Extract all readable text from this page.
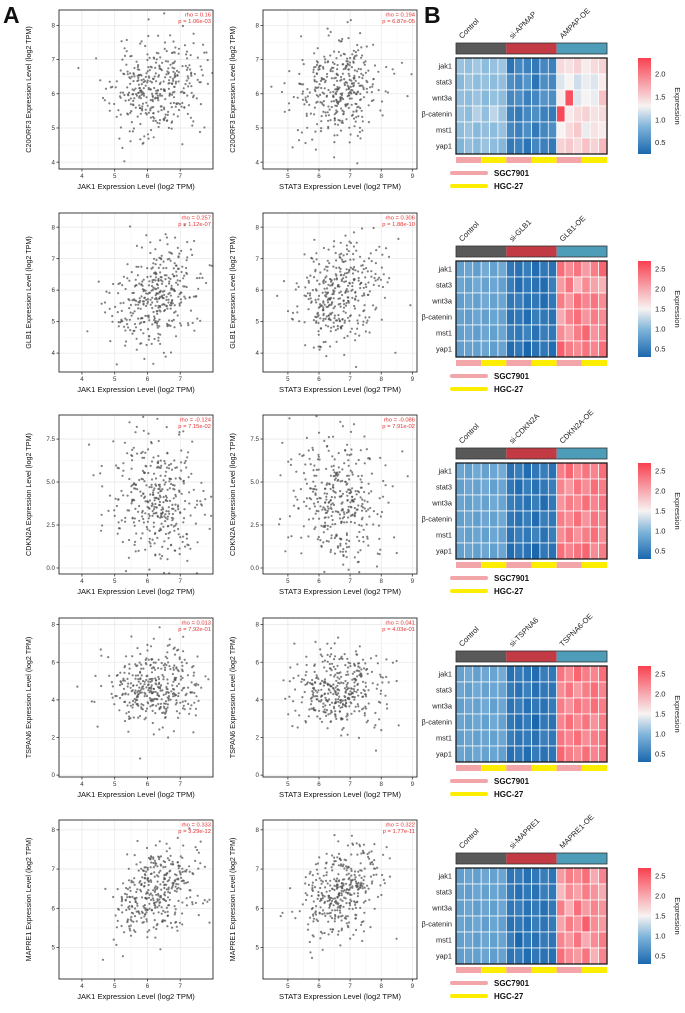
A	B
4	5	6	7
4
5
6
7
8
rho = 0.16
p = 1.06e-03
JAK1 Expression Level (log2 TPM)
C20ORF3 Expression Level (log2 TPM)
5	6	7	8	9
4
5
6
7
8
rho = 0.194
p = 6.87e-05
STAT3 Expression Level (log2 TPM)
C20ORF3 Expression Level (log2 TPM)
4	5	6	7
4
5
6
7
8
rho = 0.257
p = 1.12e-07
JAK1 Expression Level (log2 TPM)
GLB1 Expression Level (log2 TPM)
5	6	7	8	9
4
5
6
7
8
rho = 0.306
p = 1.88e-10
STAT3 Expression Level (log2 TPM)
GLB1 Expression Level (log2 TPM)
4	5	6	7
0.0
2.5
5.0
7.5
rho = -0.124
p = 7.15e-02
JAK1 Expression Level (log2 TPM)
CDKN2A Expression Level (log2 TPM)
5	6	7	8	9
0.0
2.5
5.0
7.5
rho = -0.086
p = 7.91e-02
STAT3 Expression Level (log2 TPM)
CDKN2A Expression Level (log2 TPM)
4	5	6	7
0
2
4
6
8	rho = 0.013
p = 7.92e-01
JAK1 Expression Level (log2 TPM)
TSPAN6 Expression Level (log2 TPM)
5	6	7	8	9
0
2
4
6
8	rho = 0.041
p = 4.03e-01
STAT3 Expression Level (log2 TPM)
TSPAN6 Expression Level (log2 TPM)
4	5	6	7
5
6
7
8
rho = 0.333
p = 3.29e-12
JAK1 Expression Level (log2 TPM)
MAPRE1 Expression Level (log2 TPM)
5	6	7	8	9
5
6
7
8
rho = 0.322
p = 1.77e-11
STAT3 Expression Level (log2 TPM)
MAPRE1 Expression Level (log2 TPM)
Control	si-APMAP	AMPAP-OE
jak1
stat3
wnt3a
β-catenin
mst1
yap1
2.0
1.5
1.0
0.5
Expression
SGC7901
HGC-27
Control	si-GLB1	GLB1-OE
jak1
stat3
wnt3a
β-catenin
mst1
yap1
2.5
2.0
1.5
1.0
0.5
Expression
SGC7901
HGC-27
Control	si-CDKN2A CDKN2A-OE
jak1
stat3
wnt3a
β-catenin
mst1
yap1
2.5
2.0
1.5
1.0
0.5
Expression
SGC7901
HGC-27
Control	si-TSPNA6 TSPNA6-OE
jak1
stat3
wnt3a
β-catenin
mst1
yap1
2.5
2.0
1.5
1.0
0.5
Expression
SGC7901
HGC-27
Control	si-MAPRE1 MAPRE1-OE
jak1
stat3
wnt3a
β-catenin
mst1
yap1
2.5
2.0
1.5
1.0
0.5
Expression
SGC7901
HGC-27
